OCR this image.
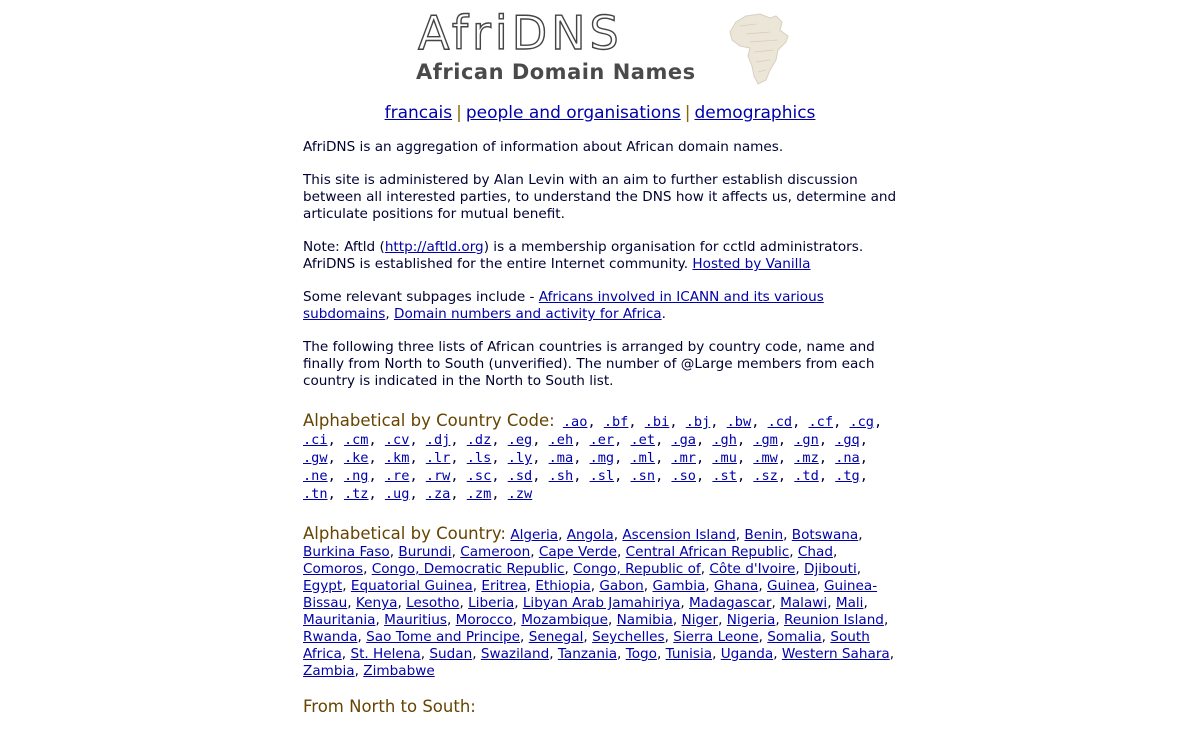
AfriDNS
African Domain Names
francais | people and organisations | demographics

AfriDNS is an aggregation of information about African domain names.

This site is administered by Alan Levin with an aim to further establish discussion between all interested parties, to understand the DNS how it affects us, determine and articulate positions for mutual benefit.

Note: Aftld (http://aftld.org) is a membership organisation for cctld administrators. AfriDNS is established for the entire Internet community. Hosted by Vanilla

Some relevant subpages include - Africans involved in ICANN and its various subdomains, Domain numbers and activity for Africa.

The following three lists of African countries is arranged by country code, name and finally from North to South (unverified). The number of @Large members from each country is indicated in the North to South list.

Alphabetical by Country Code: .ao, .bf, .bi, .bj, .bw, .cd, .cf, .cg, .ci, .cm, .cv, .dj, .dz, .eg, .eh, .er, .et, .ga, .gh, .gm, .gn, .gq, .gw, .ke, .km, .lr, .ls, .ly, .ma, .mg, .ml, .mr, .mu, .mw, .mz, .na, .ne, .ng, .re, .rw, .sc, .sd, .sh, .sl, .sn, .so, .st, .sz, .td, .tg, .tn, .tz, .ug, .za, .zm, .zw
Alphabetical by Country: Algeria, Angola, Ascension Island, Benin, Botswana, Burkina Faso, Burundi, Cameroon, Cape Verde, Central African Republic, Chad, Comoros, Congo, Democratic Republic, Congo, Republic of, Côte d'Ivoire, Djibouti, Egypt, Equatorial Guinea, Eritrea, Ethiopia, Gabon, Gambia, Ghana, Guinea, Guinea-Bissau, Kenya, Lesotho, Liberia, Libyan Arab Jamahiriya, Madagascar, Malawi, Mali, Mauritania, Mauritius, Morocco, Mozambique, Namibia, Niger, Nigeria, Reunion Island, Rwanda, Sao Tome and Principe, Senegal, Seychelles, Sierra Leone, Somalia, South Africa, St. Helena, Sudan, Swaziland, Tanzania, Togo, Tunisia, Uganda, Western Sahara, Zambia, Zimbabwe
From North to South:
